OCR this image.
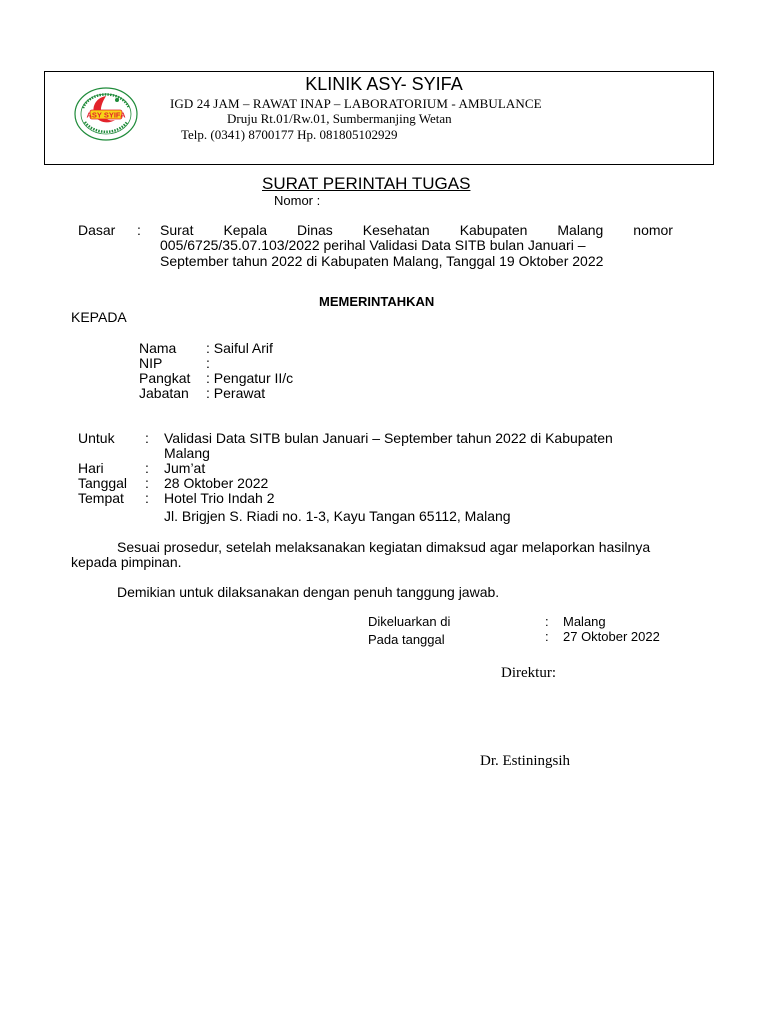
ASY SYIFA
KLINIK ASY- SYIFA
IGD 24 JAM – RAWAT INAP – LABORATORIUM - AMBULANCE
Druju Rt.01/Rw.01, Sumbermanjing Wetan
Telp. (0341) 8700177 Hp. 081805102929
SURAT PERINTAH TUGAS
Nomor :
Dasar : Surat Kepala Dinas Kesehatan Kabupaten Malang nomor
005/6725/35.07.103/2022 perihal Validasi Data SITB bulan Januari –
September tahun 2022 di Kabupaten Malang, Tanggal 19 Oktober 2022
MEMERINTAHKAN
KEPADA
Nama : Saiful Arif
NIP	:
Pangkat : Pengatur II/c
Jabatan : Perawat
Untuk : Validasi Data SITB bulan Januari – September tahun 2022 di Kabupaten
Malang
Hari	: Jum’at
Tanggal : 28 Oktober 2022
Tempat : Hotel Trio Indah 2
Jl. Brigjen S. Riadi no. 1-3, Kayu Tangan 65112, Malang
Sesuai prosedur, setelah melaksanakan kegiatan dimaksud agar melaporkan hasilnya
kepada pimpinan.
Demikian untuk dilaksanakan dengan penuh tanggung jawab.
Dikeluarkan di	: Malang
Pada tanggal	: 27 Oktober 2022
Direktur:
Dr. Estiningsih
